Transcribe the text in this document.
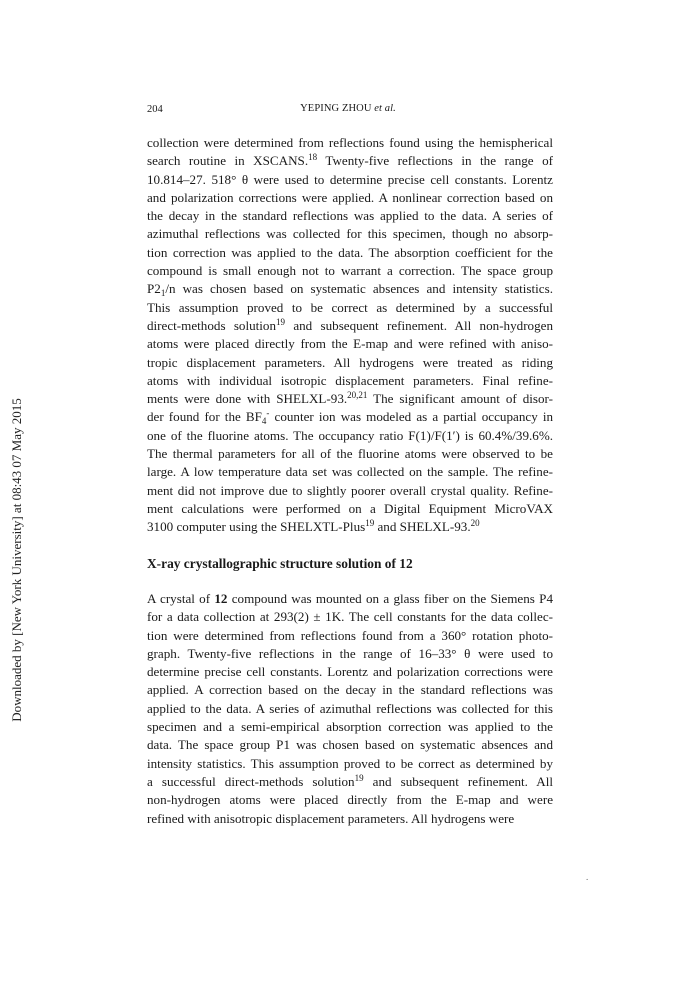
204	YEPING ZHOU et al.
Downloaded by [New York University] at 08:43 07 May 2015
collection were determined from reflections found using the hemispherical
search routine in XSCANS.$^{18}$ Twenty-five reflections in the range of
10.814–27. 518° θ were used to determine precise cell constants. Lorentz
and polarization corrections were applied. A nonlinear correction based on
the decay in the standard reflections was applied to the data. A series of
azimuthal reflections was collected for this specimen, though no absorp-
tion correction was applied to the data. The absorption coefficient for the
compound is small enough not to warrant a correction. The space group
$P2_1/n$ was chosen based on systematic absences and intensity statistics.
This assumption proved to be correct as determined by a successful
direct-methods solution$^{19}$ and subsequent refinement. All non-hydrogen
atoms were placed directly from the E-map and were refined with aniso-
tropic displacement parameters. All hydrogens were treated as riding
atoms with individual isotropic displacement parameters. Final refine-
ments were done with SHELXL-93.$^{20,21}$ The significant amount of disor-
der found for the $BF_4^-$ counter ion was modeled as a partial occupancy in
one of the fluorine atoms. The occupancy ratio F(1)/F(1′) is 60.4%/39.6%.
The thermal parameters for all of the fluorine atoms were observed to be
large. A low temperature data set was collected on the sample. The refine-
ment did not improve due to slightly poorer overall crystal quality. Refine-
ment calculations were performed on a Digital Equipment MicroVAX
3100 computer using the SHELXTL-Plus$^{19}$ and SHELXL-93.20
X-ray crystallographic structure solution of 12
A crystal of 12 compound was mounted on a glass fiber on the Siemens P4
for a data collection at 293(2) ± 1K. The cell constants for the data collec-
tion were determined from reflections found from a 360° rotation photo-
graph. Twenty-five reflections in the range of 16–33° θ were used to
determine precise cell constants. Lorentz and polarization corrections were
applied. A correction based on the decay in the standard reflections was
applied to the data. A series of azimuthal reflections was collected for this
specimen and a semi-empirical absorption correction was applied to the
data. The space group P1 was chosen based on systematic absences and
intensity statistics. This assumption proved to be correct as determined by
a successful direct-methods solution$^{19}$ and subsequent refinement. All
non-hydrogen atoms were placed directly from the E-map and were
refined with anisotropic displacement parameters. All hydrogens were
.
